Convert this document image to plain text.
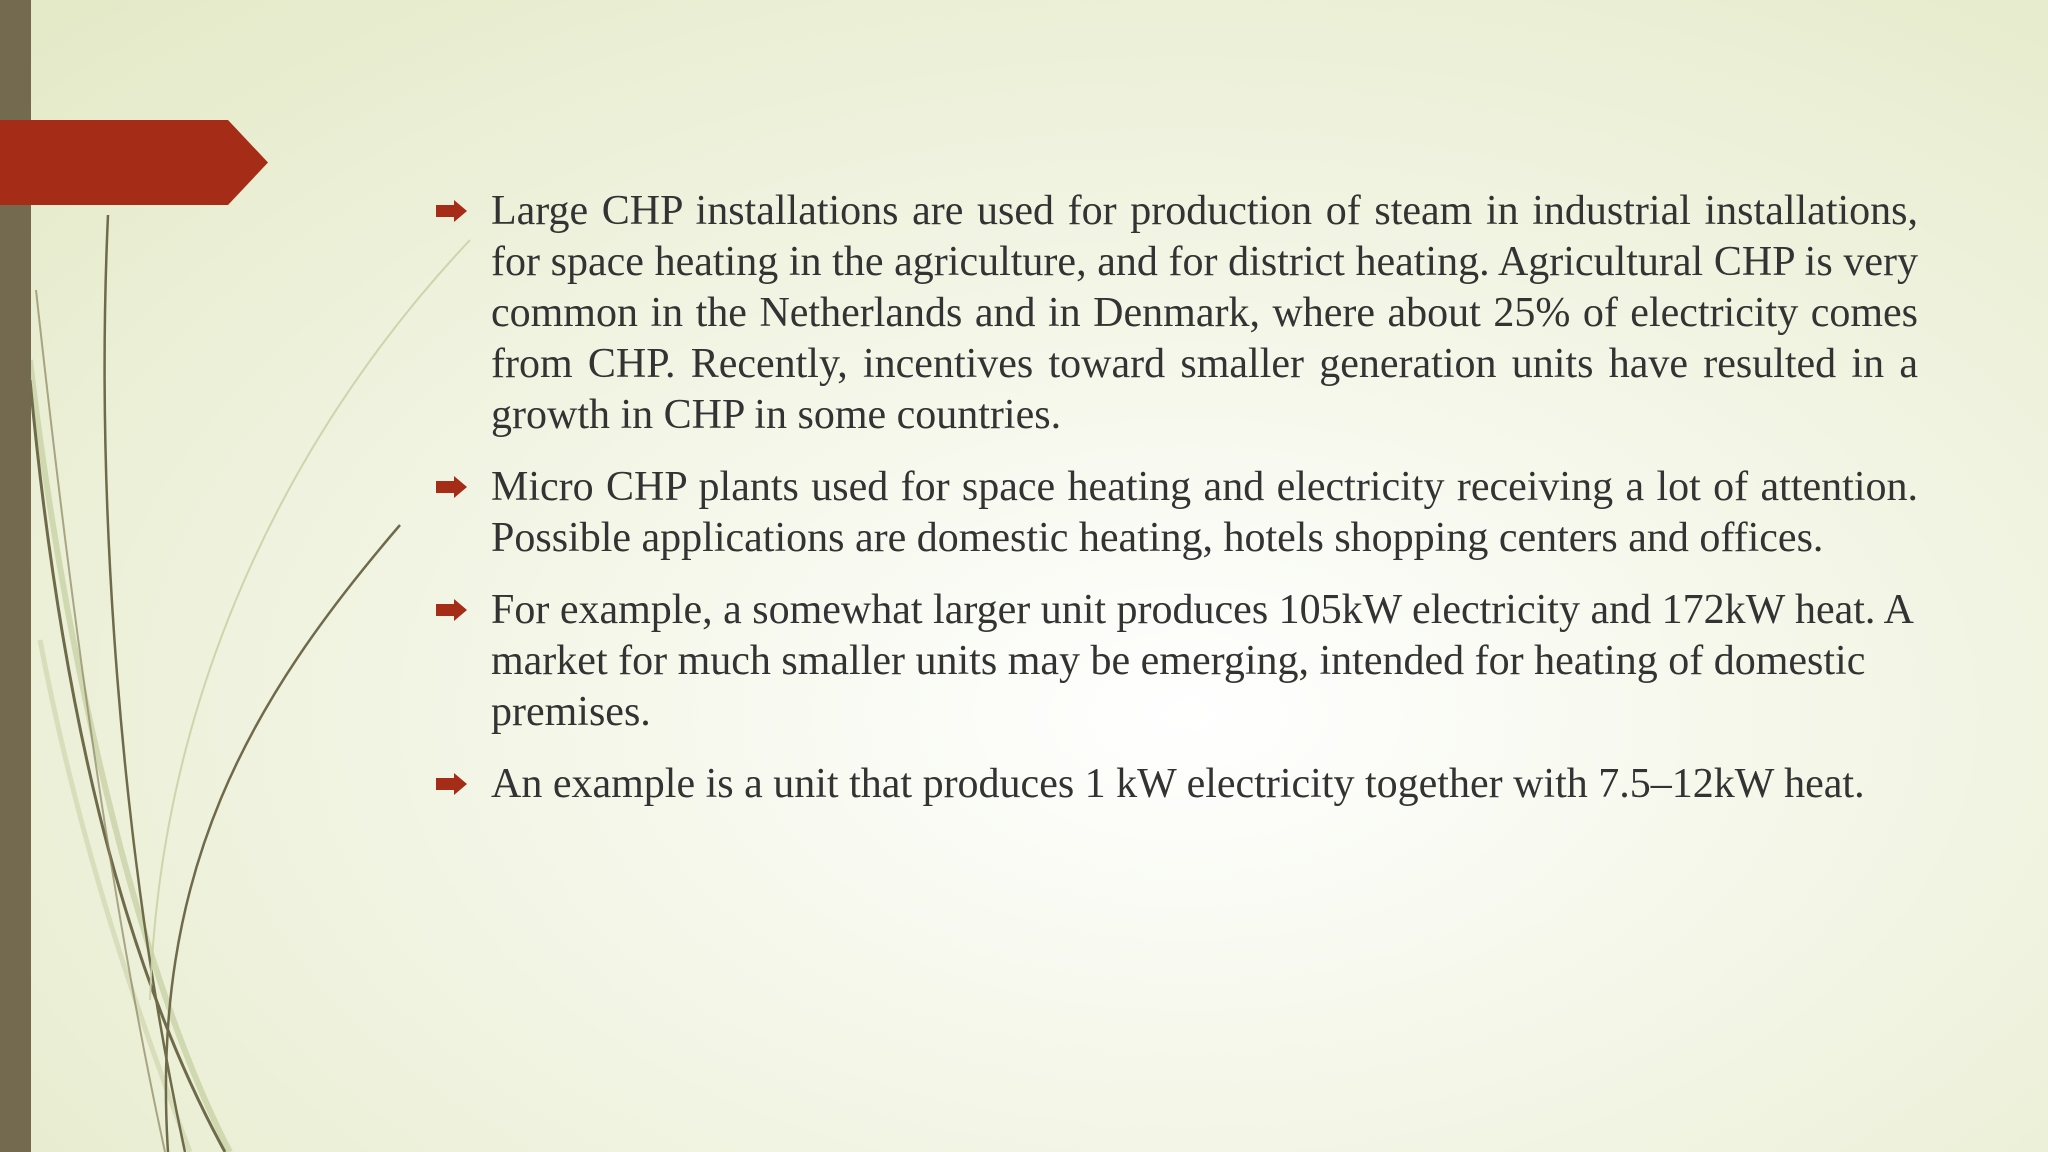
Large CHP installations are used for production of steam in industrial installations, for space heating in the agriculture, and for district heating. Agricultural CHP is very common in the Netherlands and in Denmark, where about 25% of electricity comes from CHP. Recently, incentives toward smaller generation units have resulted in a growth in CHP in some countries.
Micro CHP plants used for space heating and electricity receiving a lot of attention. Possible applications are domestic heating, hotels shopping centers and offices.
For example, a somewhat larger unit produces 105kW electricity and 172kW heat. A market for much smaller units may be emerging, intended for heating of domestic premises.
An example is a unit that produces 1 kW electricity together with 7.5–12kW heat.
